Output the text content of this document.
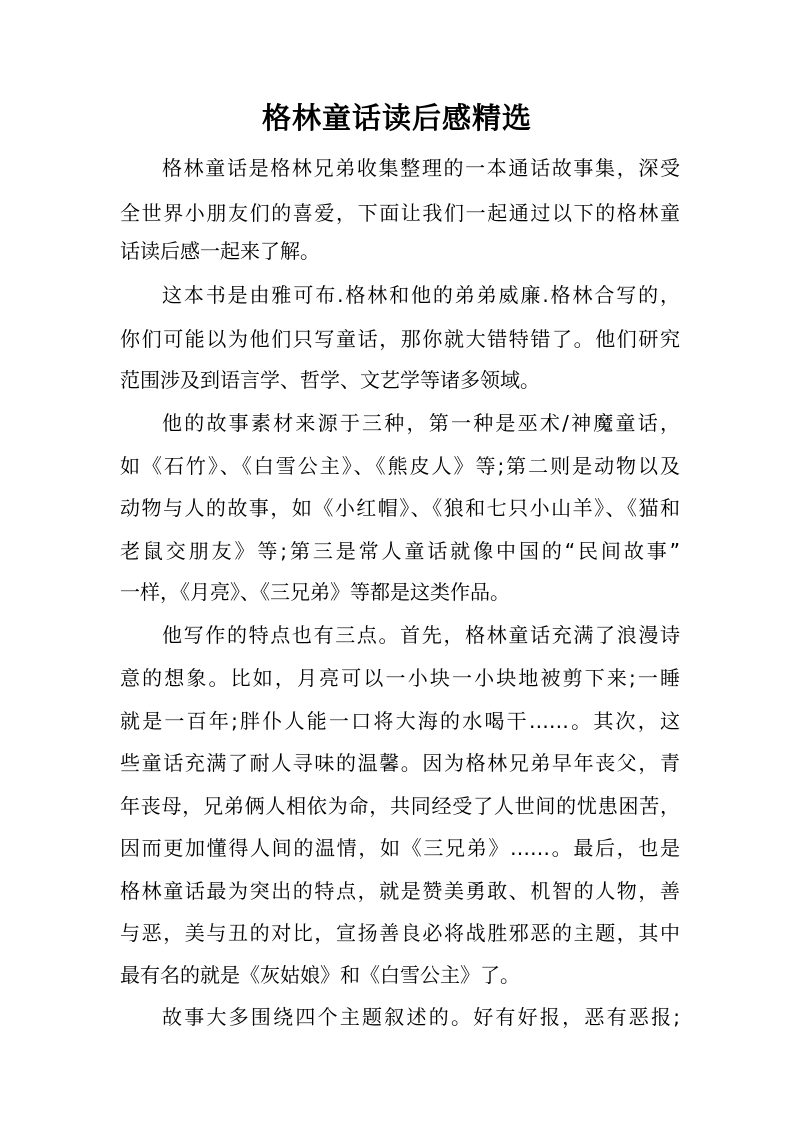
格林童话读后感精选
格林童话是格林兄弟收集整理的一本通话故事集，深受
全世界小朋友们的喜爱，下面让我们一起通过以下的格林童
话读后感一起来了解。
这本书是由雅可布.格林和他的弟弟威廉.格林合写的，
你们可能以为他们只写童话，那你就大错特错了。他们研究
范围涉及到语言学、哲学、文艺学等诸多领域。
他的故事素材来源于三种，第一种是巫术/神魔童话，
如《石竹》、《白雪公主》、《熊皮人》等;第二则是动物以及
动物与人的故事，如《小红帽》、《狼和七只小山羊》、《猫和
老鼠交朋友》等;第三是常人童话就像中国的“民间故事”
一样，《月亮》、《三兄弟》等都是这类作品。
他写作的特点也有三点。首先，格林童话充满了浪漫诗
意的想象。比如，月亮可以一小块一小块地被剪下来;一睡
就是一百年;胖仆人能一口将大海的水喝干……。其次，这
些童话充满了耐人寻味的温馨。因为格林兄弟早年丧父，青
年丧母，兄弟俩人相依为命，共同经受了人世间的忧患困苦，
因而更加懂得人间的温情，如《三兄弟》……。最后，也是
格林童话最为突出的特点，就是赞美勇敢、机智的人物，善
与恶，美与丑的对比，宣扬善良必将战胜邪恶的主题，其中
最有名的就是《灰姑娘》和《白雪公主》了。
故事大多围绕四个主题叙述的。好有好报，恶有恶报;
